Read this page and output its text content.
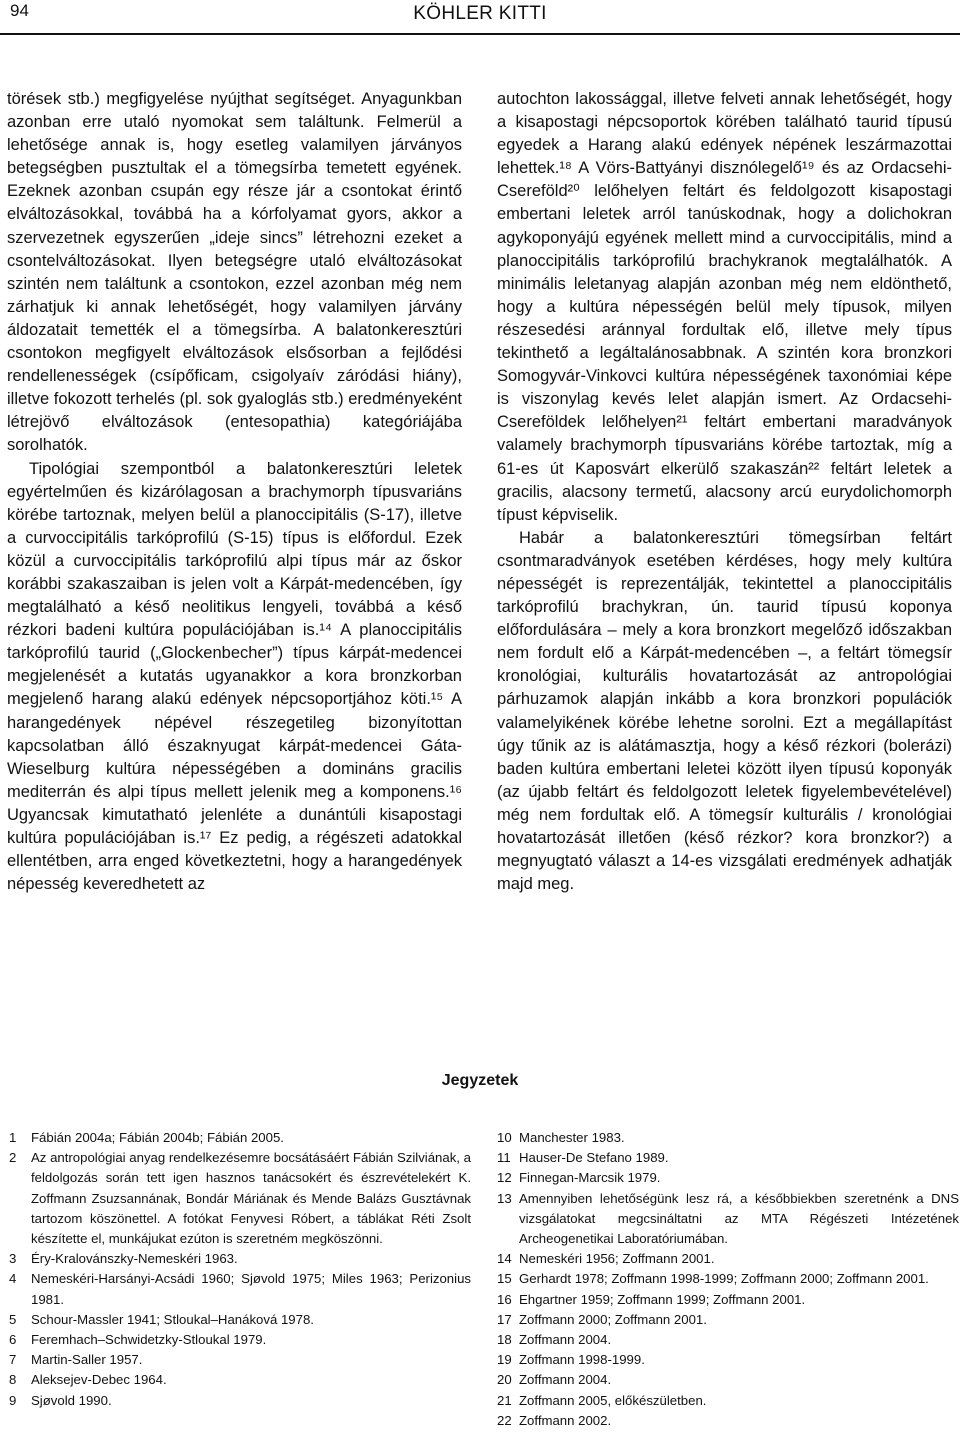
94	KÖHLER KITTI

törések stb.) megfigyelése nyújthat segítséget. Anyagunkban azonban erre utaló nyomokat sem találtunk. Felmerül a lehetősége annak is, hogy esetleg valamilyen járványos betegségben pusztultak el a tömegsírba temetett egyének. Ezeknek azonban csupán egy része jár a csontokat érintő elváltozásokkal, továbbá ha a kórfolyamat gyors, akkor a szervezetnek egyszerűen „ideje sincs” létrehozni ezeket a csontelváltozásokat. Ilyen betegségre utaló elváltozásokat szintén nem találtunk a csontokon, ezzel azonban még nem zárhatjuk ki annak lehetőségét, hogy valamilyen járvány áldozatait temették el a tömegsírba. A balatonkeresztúri csontokon megfigyelt elváltozások elsősorban a fejlődési rendellenességek (csípőficam, csigolyaív záródási hiány), illetve fokozott terhelés (pl. sok gyaloglás stb.) eredményeként létrejövő elváltozások (entesopathia) kategóriájába sorolhatók.

Tipológiai szempontból a balatonkeresztúri leletek egyértelműen és kizárólagosan a brachymorph típusvariáns körébe tartoznak, melyen belül a planoccipitális (S-17), illetve a curvoccipitális tarkóprofilú (S-15) típus is előfordul. Ezek közül a curvoccipitális tarkóprofilú alpi típus már az őskor korábbi szakaszaiban is jelen volt a Kárpát-medencében, így megtalálható a késő neolitikus lengyeli, továbbá a késő rézkori badeni kultúra populációjában is.¹⁴ A planoccipitális tarkóprofilú taurid („Glockenbecher”) típus kárpát-medencei megjelenését a kutatás ugyanakkor a kora bronzkorban megjelenő harang alakú edények népcsoportjához köti.¹⁵ A harangedények népével részegetileg bizonyítottan kapcsolatban álló északnyugat kárpát-medencei Gáta-Wieselburg kultúra népességében a domináns gracilis mediterrán és alpi típus mellett jelenik meg a komponens.¹⁶ Ugyancsak kimutatható jelenléte a dunántúli kisapostagi kultúra populációjában is.¹⁷ Ez pedig, a régészeti adatokkal ellentétben, arra enged következtetni, hogy a harangedények népesség keveredhetett az

autochton lakossággal, illetve felveti annak lehetőségét, hogy a kisapostagi népcsoportok körében található taurid típusú egyedek a Harang alakú edények népének leszármazottai lehettek.¹⁸ A Vörs-Battyányi disznólegelő¹⁹ és az Ordacsehi-Csereföld²⁰ lelőhelyen feltárt és feldolgozott kisapostagi embertani leletek arról tanúskodnak, hogy a dolichokran agykoponyájú egyének mellett mind a curvoccipitális, mind a planoccipitális tarkóprofilú brachykranok megtalálhatók. A minimális leletanyag alapján azonban még nem eldönthető, hogy a kultúra népességén belül mely típusok, milyen részesedési aránnyal fordultak elő, illetve mely típus tekinthető a legáltalánosabbnak. A szintén kora bronzkori Somogyvár-Vinkovci kultúra népességének taxonómiai képe is viszonylag kevés lelet alapján ismert. Az Ordacsehi-Csereföldek lelőhelyen²¹ feltárt embertani maradványok valamely brachymorph típusvariáns körébe tartoztak, míg a 61-es út Kaposvárt elkerülő szakaszán²² feltárt leletek a gracilis, alacsony termetű, alacsony arcú eurydolichomorph típust képviselik.

Habár a balatonkeresztúri tömegsírban feltárt csontmaradványok esetében kérdéses, hogy mely kultúra népességét is reprezentálják, tekintettel a planoccipitális tarkóprofilú brachykran, ún. taurid típusú koponya előfordulására – mely a kora bronzkort megelőző időszakban nem fordult elő a Kárpát-medencében –, a feltárt tömegsír kronológiai, kulturális hovatartozását az antropológiai párhuzamok alapján inkább a kora bronzkori populációk valamelyikének körébe lehetne sorolni. Ezt a megállapítást úgy tűnik az is alátámasztja, hogy a késő rézkori (bolerázi) baden kultúra embertani leletei között ilyen típusú koponyák (az újabb feltárt és feldolgozott leletek figyelembevételével) még nem fordultak elő. A tömegsír kulturális / kronológiai hovatartozását illetően (késő rézkor? kora bronzkor?) a megnyugtató választ a 14-es vizsgálati eredmények adhatják majd meg.

Jegyzetek
1	Fábián 2004a; Fábián 2004b; Fábián 2005.
2	Az antropológiai anyag rendelkezésemre bocsátásáért Fábián Szilviának, a feldolgozás során tett igen hasznos tanácsokért és észrevételekért K. Zoffmann Zsuzsannának, Bondár Máriának és Mende Balázs Gusztávnak tartozom köszönettel. A fotókat Fenyvesi Róbert, a táblákat Réti Zsolt készítette el, munkájukat ezúton is szeretném megköszönni.
3	Éry-Kralovánszky-Nemeskéri 1963.
4	Nemeskéri-Harsányi-Acsádi 1960; Sjøvold 1975; Miles 1963; Perizonius 1981.
5	Schour-Massler 1941; Stloukal–Hanáková 1978.
6	Feremhach–Schwidetzky-Stloukal 1979.
7	Martin-Saller 1957.
8	Aleksejev-Debec 1964.
9	Sjøvold 1990.
10 Manchester 1983.
11 Hauser-De Stefano 1989.
12 Finnegan-Marcsik 1979.
13 Amennyiben lehetőségünk lesz rá, a későbbiekben szeretnénk a DNS vizsgálatokat megcsináltatni az MTA Régészeti Intézetének Archeogenetikai Laboratóriumában.
14 Nemeskéri 1956; Zoffmann 2001.
15 Gerhardt 1978; Zoffmann 1998-1999; Zoffmann 2000; Zoffmann 2001.
16 Ehgartner 1959; Zoffmann 1999; Zoffmann 2001.
17 Zoffmann 2000; Zoffmann 2001.
18 Zoffmann 2004.
19 Zoffmann 1998-1999.
20 Zoffmann 2004.
21 Zoffmann 2005, előkészületben.
22 Zoffmann 2002.
